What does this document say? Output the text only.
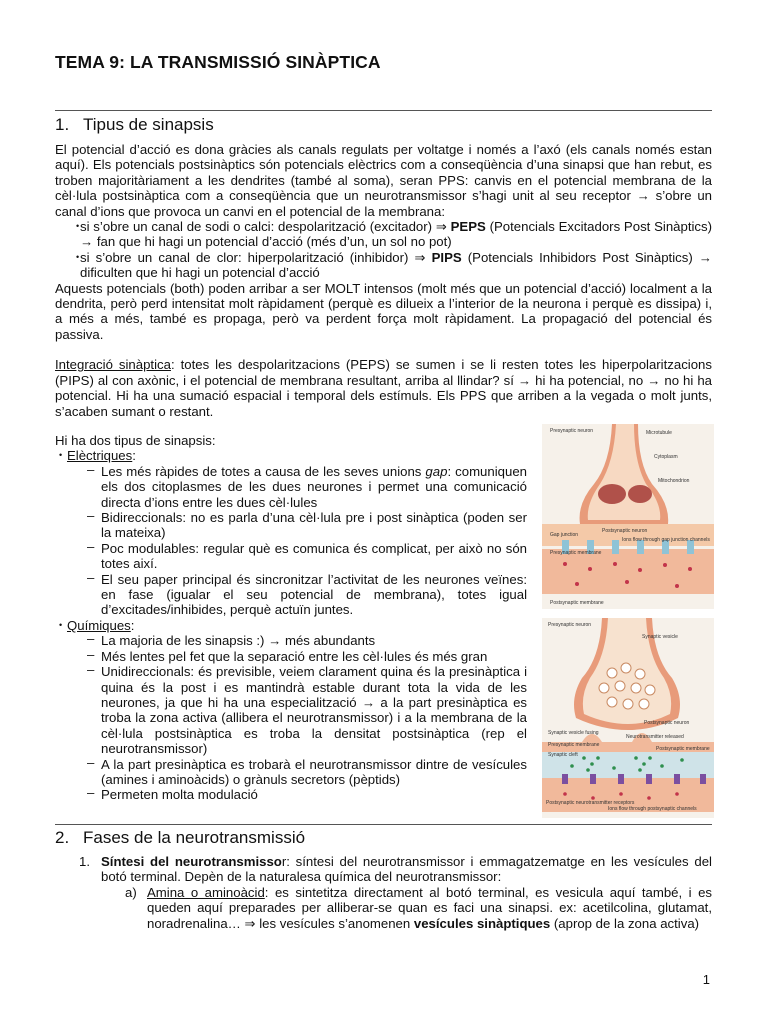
TEMA 9: LA TRANSMISSIÓ SINÀPTICA
1. Tipus de sinapsis
El potencial d’acció es dona gràcies als canals regulats per voltatge i només a l’axó (els canals només estan aquí). Els potencials postsinàptics són potencials elèctrics com a conseqüència d’una sinapsi que han rebut, es troben majoritàriament a les dendrites (també al soma), seran PPS: canvis en el potencial membrana de la cèl·lula postsinàptica com a conseqüència que un neurotransmissor s’hagi unit al seu receptor → s’obre un canal d’ions que provoca un canvi en el potencial de la membrana:
• si s’obre un canal de sodi o calci: despolarització (excitador) ⇒ PEPS (Potencials Excitadors Post Sinàptics) → fan que hi hagi un potencial d’acció (més d’un, un sol no pot)
• si s’obre un canal de clor: hiperpolarització (inhibidor) ⇒ PIPS (Potencials Inhibidors Post Sinàptics) → dificulten que hi hagi un potencial d’acció
Aquests potencials (both) poden arribar a ser MOLT intensos (molt més que un potencial d’acció) localment a la dendrita, però perd intensitat molt ràpidament (perquè es dilueix a l’interior de la neurona i perquè es dissipa) i, a més a més, també es propaga, però va perdent força molt ràpidament. La propagació del potencial és passiva.
Integració sinàptica: totes les despolaritzacions (PEPS) se sumen i se li resten totes les hiperpolaritzacions (PIPS) al con axònic, i el potencial de membrana resultant, arriba al llindar? sí → hi ha potencial, no → no hi ha potencial. Hi ha una sumació espacial i temporal dels estímuls. Els PPS que arriben a la vegada o molt junts, s’acaben sumant o restant.
Hi ha dos tipus de sinapsis:
• Elèctriques:
– Les més ràpides de totes a causa de les seves unions gap: comuniquen els dos citoplasmes de les dues neurones i permet una comunicació directa d’ions entre les dues cèl·lules
– Bidireccionals: no es parla d’una cèl·lula pre i post sinàptica (poden ser la mateixa)
– Poc modulables: regular què es comunica és complicat, per això no són totes així.
– El seu paper principal és sincronitzar l’activitat de les neurones veïnes: en fase (igualar el seu potencial de membrana), totes igual d’excitades/inhibides, perquè actuïn juntes.
• Químiques:
– La majoria de les sinapsis :) → més abundants
– Més lentes pel fet que la separació entre les cèl·lules és més gran
– Unidireccionals: és previsible, veiem clarament quina és la presinàptica i quina és la post i es mantindrà estable durant tota la vida de les neurones, ja que hi ha una especialització → a la part presinàptica es troba la zona activa (allibera el neurotransmissor) i a la membrana de la cèl·lula postsinàptica es troba la densitat postsinàptica (rep el neurotransmissor)
– A la part presinàptica es trobarà el neurotransmissor dintre de vesícules (amines i aminoàcids) o grànuls secretors (pèptids)
– Permeten molta modulació
Presynaptic neuron	Microtubule
Cytoplasm
Mitochondrion
Postsynaptic neuron
Gap junction
Ions flow through gap junction channels
Presynaptic membrane
Postsynaptic membrane
Presynaptic neuron
Synaptic vesicle
Postsynaptic neuron
Neurotransmitter released
Synaptic vesicle fusing
Postsynaptic membrane
Synaptic cleft
Postsynaptic neurotransmitter receptors
Ions flow through postsynaptic channels
Presynaptic membrane
2. Fases de la neurotransmissió
1. Síntesi del neurotransmissor: síntesi del neurotransmissor i emmagatzematge en les vesícules del botó terminal. Depèn de la naturalesa química del neurotransmissor:
a) Amina o aminoàcid: es sintetitza directament al botó terminal, es vesicula aquí també, i es queden aquí preparades per alliberar-se quan es faci una sinapsi. ex: acetilcolina, glutamat, noradrenalina… ⇒ les vesícules s’anomenen vesícules sinàptiques (aprop de la zona activa)
1
